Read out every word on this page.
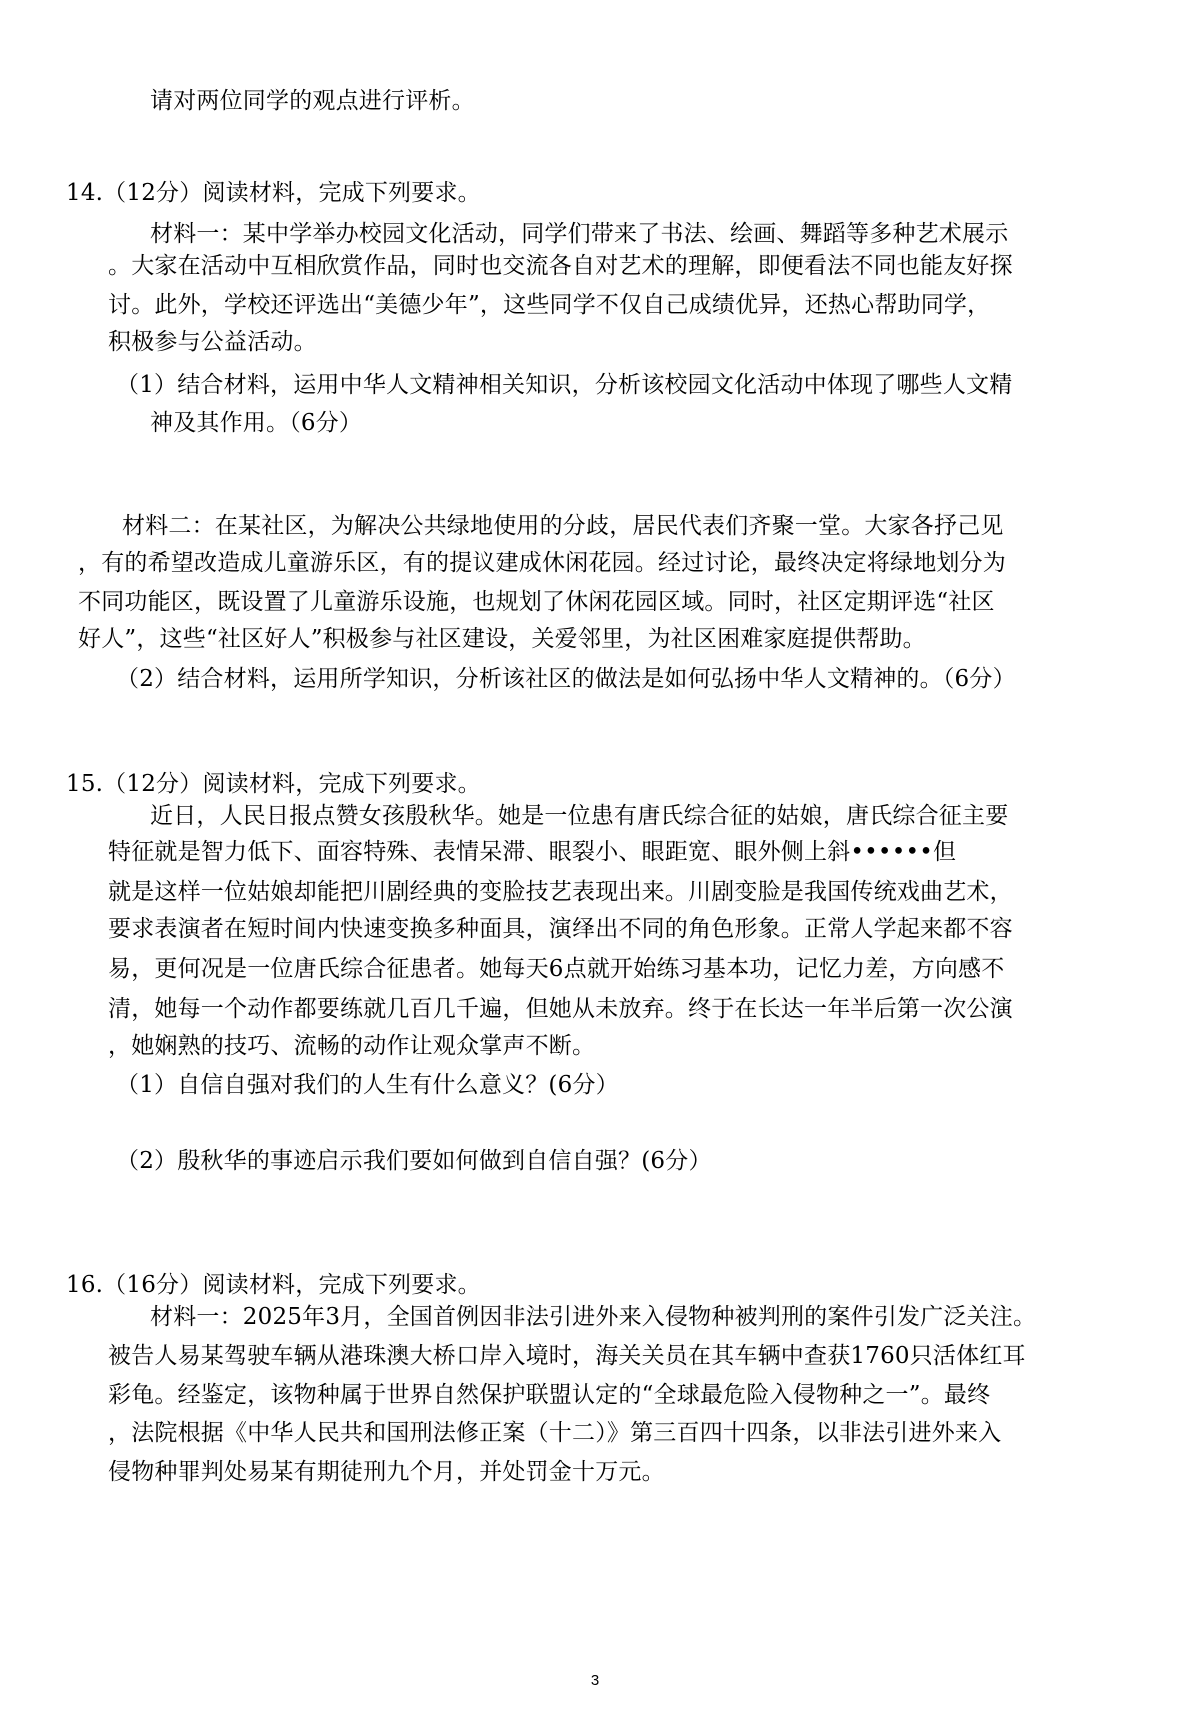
请对两位同学的观点进行评析。
14.（12分）阅读材料，完成下列要求。
材料一：某中学举办校园文化活动，同学们带来了书法、绘画、舞蹈等多种艺术展示
。大家在活动中互相欣赏作品，同时也交流各自对艺术的理解，即便看法不同也能友好探
讨。此外，学校还评选出“美德少年”，这些同学不仅自己成绩优异，还热心帮助同学，
积极参与公益活动。
（1）结合材料，运用中华人文精神相关知识，分析该校园文化活动中体现了哪些人文精
神及其作用。（6分）
材料二：在某社区，为解决公共绿地使用的分歧，居民代表们齐聚一堂。大家各抒己见
，有的希望改造成儿童游乐区，有的提议建成休闲花园。经过讨论，最终决定将绿地划分为
不同功能区，既设置了儿童游乐设施，也规划了休闲花园区域。同时，社区定期评选“社区
好人”，这些“社区好人”积极参与社区建设，关爱邻里，为社区困难家庭提供帮助。
（2）结合材料，运用所学知识，分析该社区的做法是如何弘扬中华人文精神的。（6分）
15.（12分）阅读材料，完成下列要求。
近日，人民日报点赞女孩殷秋华。她是一位患有唐氏综合征的姑娘，唐氏综合征主要
特征就是智力低下、面容特殊、表情呆滞、眼裂小、眼距宽、眼外侧上斜••••••但
就是这样一位姑娘却能把川剧经典的变脸技艺表现出来。川剧变脸是我国传统戏曲艺术，
要求表演者在短时间内快速变换多种面具，演绎出不同的角色形象。正常人学起来都不容
易，更何况是一位唐氏综合征患者。她每天6点就开始练习基本功，记忆力差，方向感不
清，她每一个动作都要练就几百几千遍，但她从未放弃。终于在长达一年半后第一次公演
，她娴熟的技巧、流畅的动作让观众掌声不断。
（1）自信自强对我们的人生有什么意义？(6分）
（2）殷秋华的事迹启示我们要如何做到自信自强？(6分）
16.（16分）阅读材料，完成下列要求。
材料一：2025年3月，全国首例因非法引进外来入侵物种被判刑的案件引发广泛关注。
被告人易某驾驶车辆从港珠澳大桥口岸入境时，海关关员在其车辆中查获1760只活体红耳
彩龟。经鉴定，该物种属于世界自然保护联盟认定的“全球最危险入侵物种之一”。最终
，法院根据《中华人民共和国刑法修正案（十二）》第三百四十四条，以非法引进外来入
侵物种罪判处易某有期徒刑九个月，并处罚金十万元。
3
